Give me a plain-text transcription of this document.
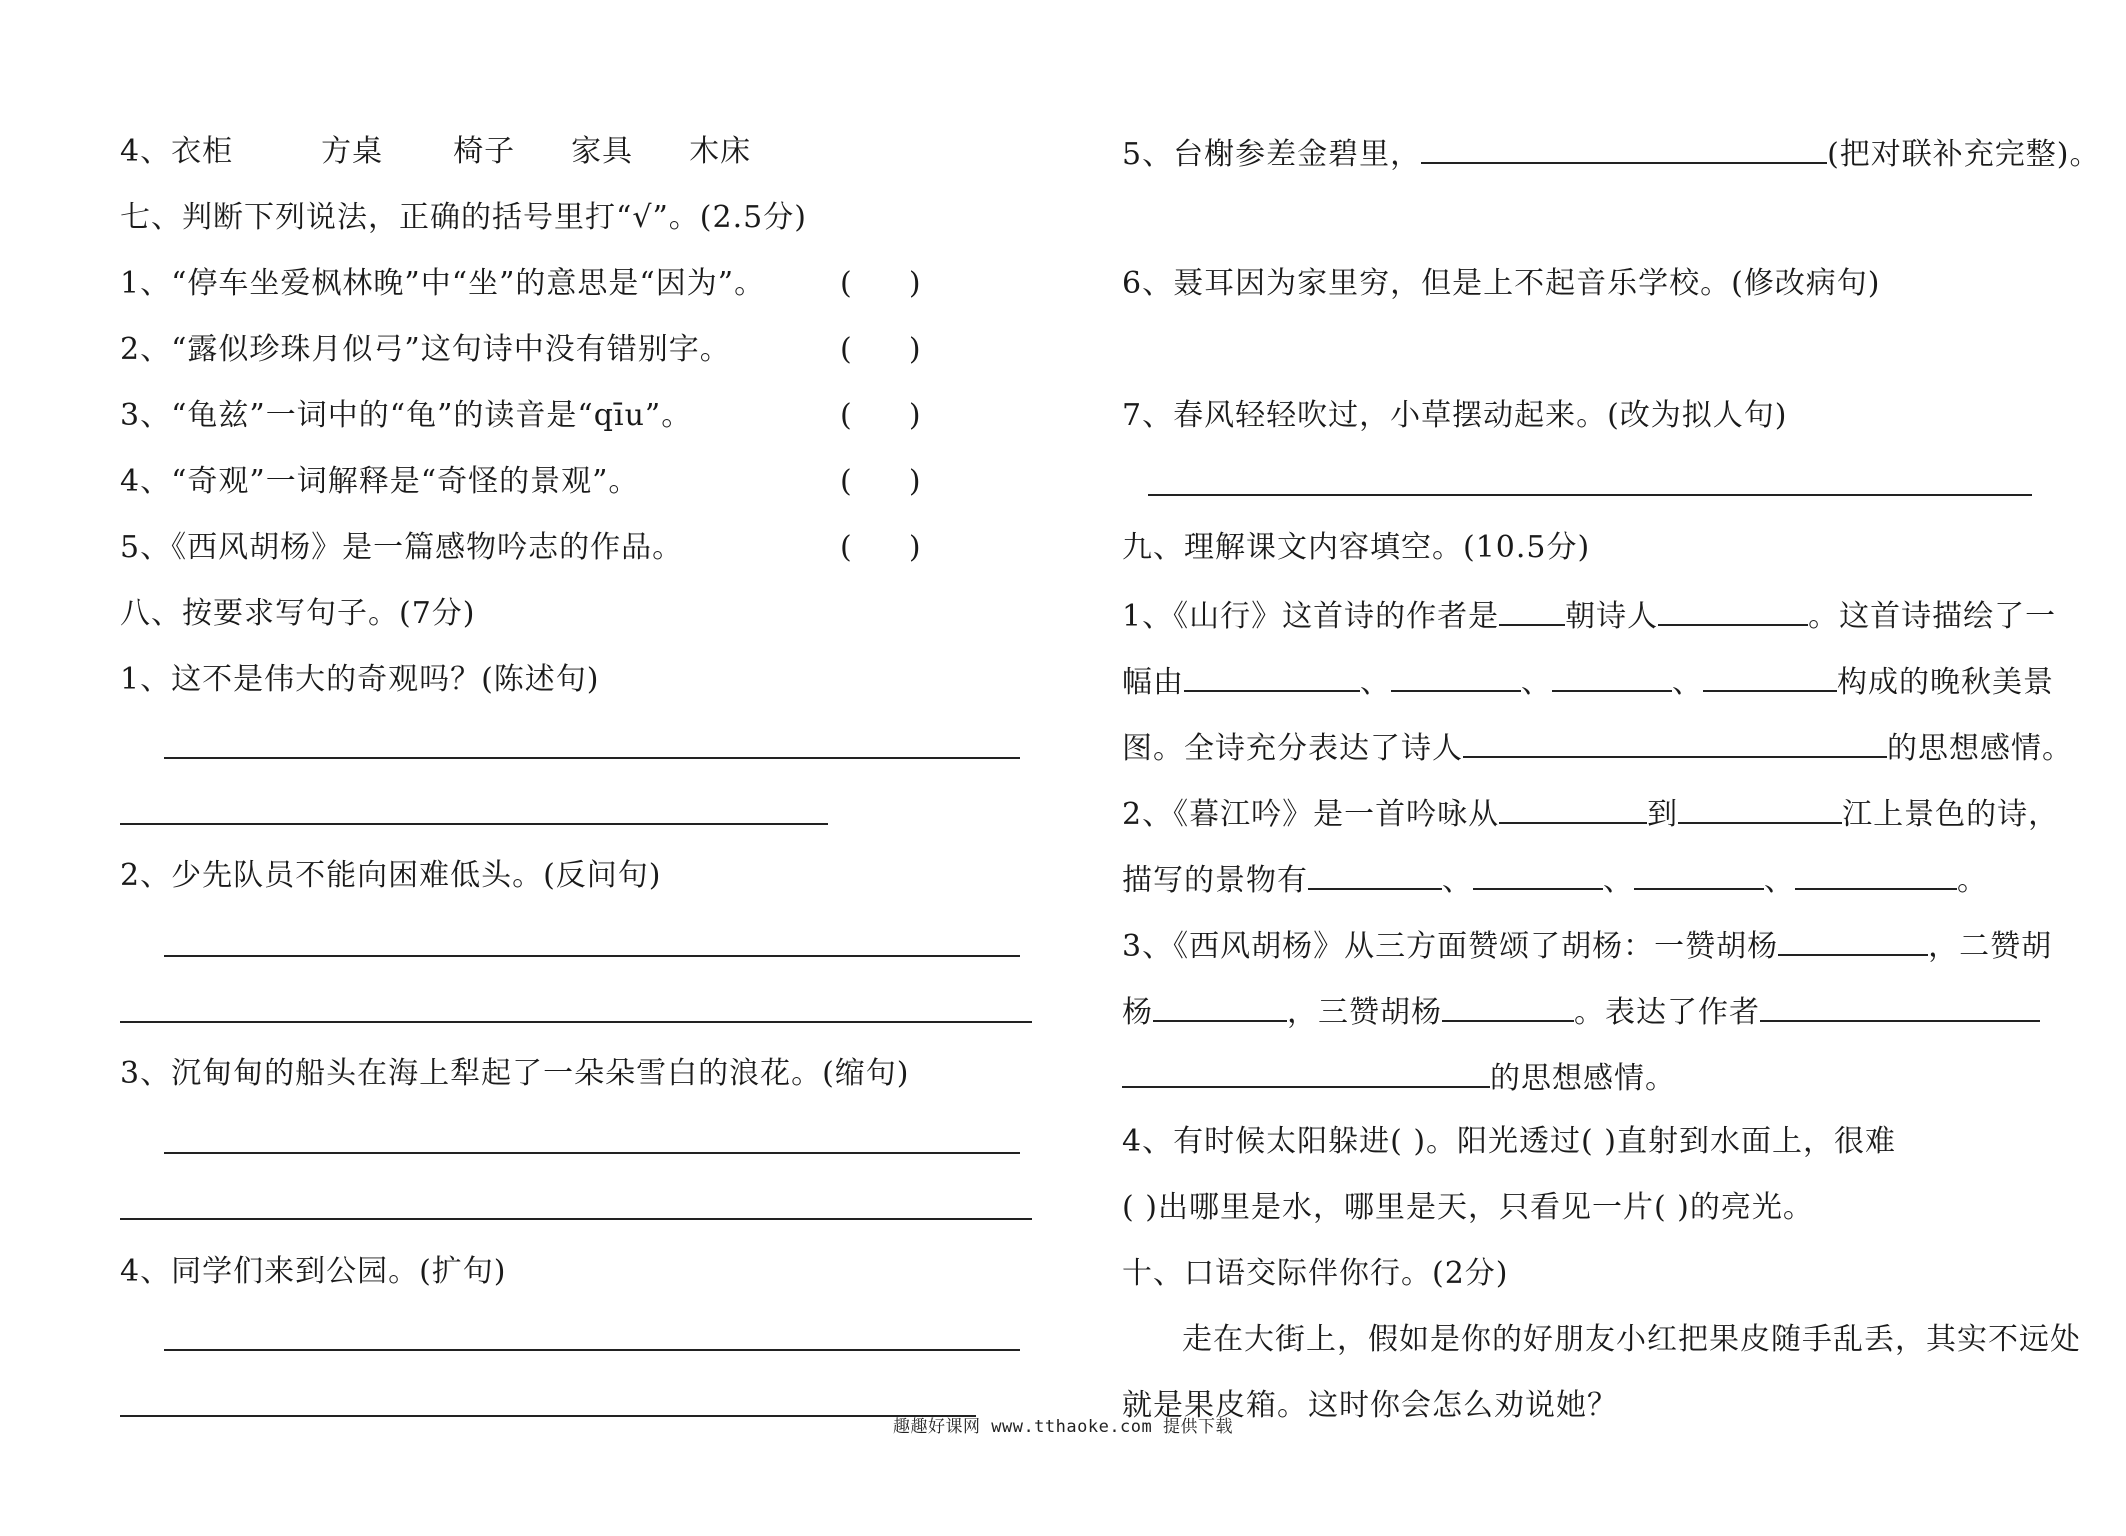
4、衣柜	方桌 椅子 家具 木床
七、判断下列说法，正确的括号里打“√”。(2.5分)
1、“停车坐爱枫林晚”中“坐”的意思是“因为”。 (      )
2、“露似珍珠月似弓”这句诗中没有错别字。	(      )
3、“龟兹”一词中的“龟”的读音是“qīu”。	(      )
4、“奇观”一词解释是“奇怪的景观”。	(      )
5、《西风胡杨》是一篇感物吟志的作品。	(      )
八、按要求写句子。(7分)
1、这不是伟大的奇观吗？(陈述句)
2、少先队员不能向困难低头。(反问句)
3、沉甸甸的船头在海上犁起了一朵朵雪白的浪花。(缩句)
4、同学们来到公园。(扩句)
5、台榭参差金碧里，	(把对联补充完整)。
6、聂耳因为家里穷，但是上不起音乐学校。(修改病句)
7、春风轻轻吹过，小草摆动起来。(改为拟人句)
九、理解课文内容填空。(10.5分)
1、《山行》这首诗的作者是 朝诗人	。这首诗描绘了一
幅由	、	、	、	构成的晚秋美景
图。全诗充分表达了诗人	的思想感情。
2、《暮江吟》是一首吟咏从	到	江上景色的诗，
描写的景物有	、	、	、	。
3、《西风胡杨》从三方面赞颂了胡杨：一赞胡杨	，二赞胡
杨	，三赞胡杨	。表达了作者
的思想感情。
4、有时候太阳躲进( )。阳光透过( )直射到水面上，很难
( )出哪里是水，哪里是天，只看见一片( )的亮光。
十、口语交际伴你行。(2分)
走在大街上，假如是你的好朋友小红把果皮随手乱丢，其实不远处
就是果皮箱。这时你会怎么劝说她？
趣趣好课网 www.tthaoke.com 提供下载
